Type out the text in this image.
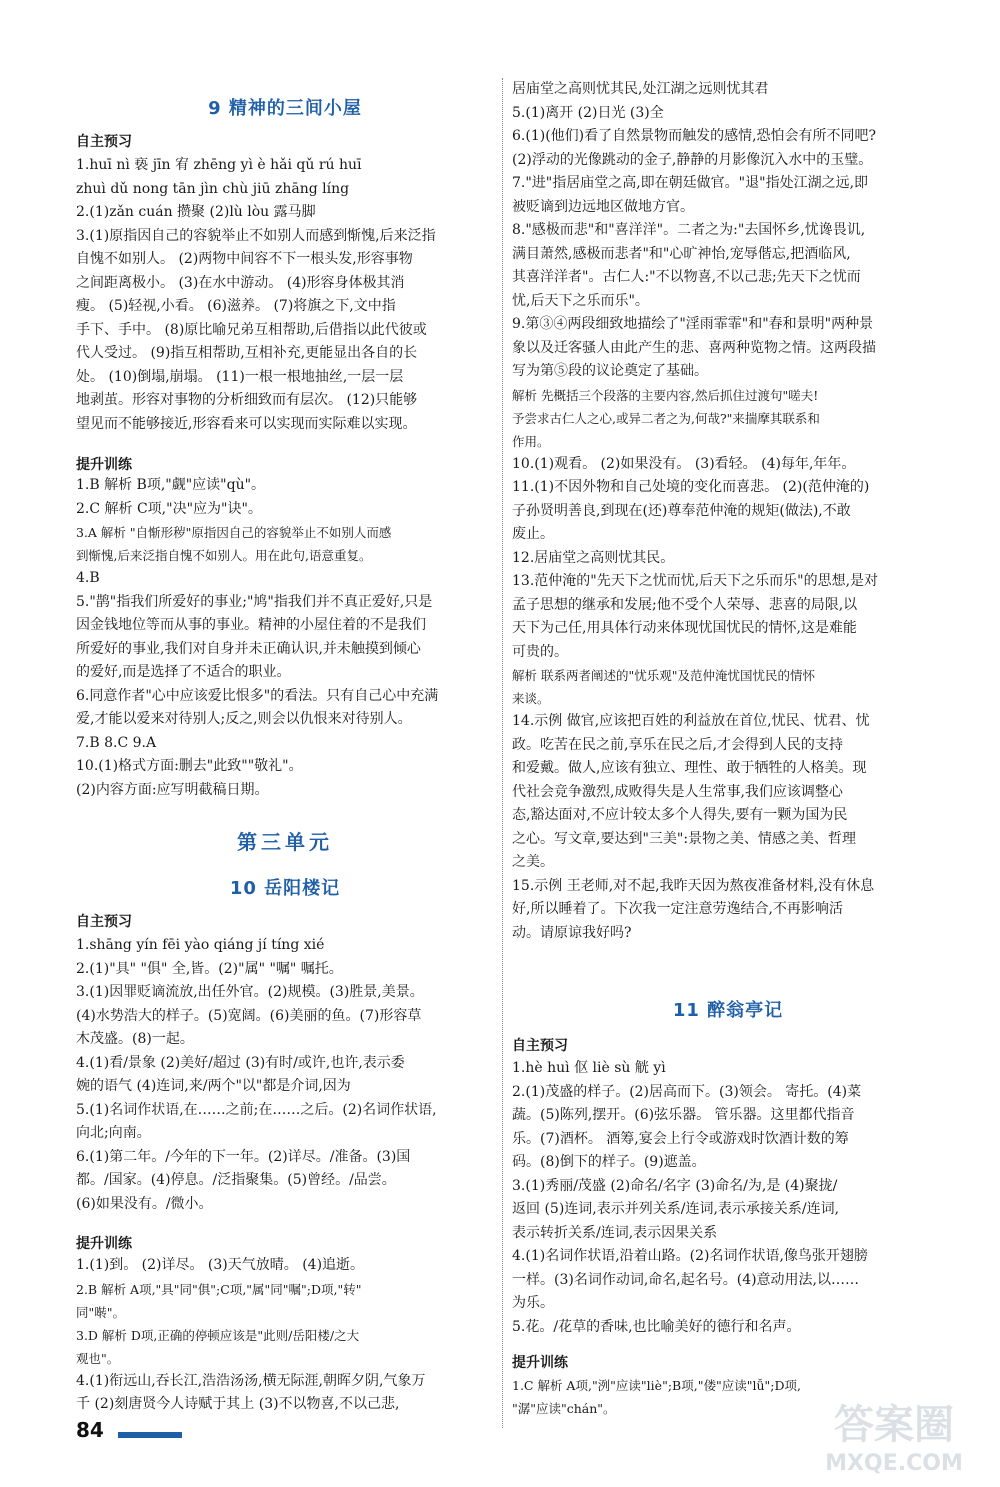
9 精神的三间小屋
自主预习
1.huī nì 亵 jīn 宥 zhēng yì è hǎi qǔ rú huī
zhuì dǔ nong tān jìn chù jiū zhāng líng
2.(1)zǎn cuán 攒聚 (2)lù lòu 露马脚
3.(1)原指因自己的容貌举止不如别人而感到惭愧,后来泛指
自愧不如别人。 (2)两物中间容不下一根头发,形容事物
之间距离极小。 (3)在水中游动。 (4)形容身体极其消
瘦。 (5)轻视,小看。 (6)滋养。 (7)将旗之下,文中指
手下、手中。 (8)原比喻兄弟互相帮助,后借指以此代彼或
代人受过。 (9)指互相帮助,互相补充,更能显出各自的长
处。 (10)倒塌,崩塌。 (11)一根一根地抽丝,一层一层
地剥茧。形容对事物的分析细致而有层次。 (12)只能够
望见而不能够接近,形容看来可以实现而实际难以实现。
提升训练
1.B 解析 B项,"觑"应读"qù"。
2.C 解析 C项,"决"应为"诀"。
3.A 解析 "自惭形秽"原指因自己的容貌举止不如别人而感
到惭愧,后来泛指自愧不如别人。用在此句,语意重复。
4.B
5."鹊"指我们所爱好的事业;"鸠"指我们并不真正爱好,只是
因金钱地位等而从事的事业。精神的小屋住着的不是我们
所爱好的事业,我们对自身并未正确认识,并未触摸到倾心
的爱好,而是选择了不适合的职业。
6.同意作者"心中应该爱比恨多"的看法。只有自己心中充满
爱,才能以爱来对待别人;反之,则会以仇恨来对待别人。
7.B 8.C 9.A
10.(1)格式方面:删去"此致""敬礼"。
(2)内容方面:应写明截稿日期。
第三单元
10 岳阳楼记
自主预习
1.shāng yín fēi yào qiáng jí tíng xié
2.(1)"具" "俱" 全,皆。(2)"属" "嘱" 嘱托。
3.(1)因罪贬谪流放,出任外官。(2)规模。(3)胜景,美景。
(4)水势浩大的样子。(5)宽阔。(6)美丽的鱼。(7)形容草
木茂盛。(8)一起。
4.(1)看/景象 (2)美好/超过 (3)有时/或许,也许,表示委
婉的语气 (4)连词,来/两个"以"都是介词,因为
5.(1)名词作状语,在……之前;在……之后。(2)名词作状语,
向北;向南。
6.(1)第二年。/今年的下一年。(2)详尽。/准备。(3)国
都。/国家。(4)停息。/泛指聚集。(5)曾经。/品尝。
(6)如果没有。/微小。
提升训练
1.(1)到。 (2)详尽。 (3)天气放晴。 (4)追逝。
2.B 解析 A项,"具"同"俱";C项,"属"同"嘱";D项,"转"
同"啭"。
3.D 解析 D项,正确的停顿应该是"此则/岳阳楼/之大
观也"。
4.(1)衔远山,吞长江,浩浩汤汤,横无际涯,朝晖夕阴,气象万
千 (2)刻唐贤今人诗赋于其上 (3)不以物喜,不以己悲,
居庙堂之高则忧其民,处江湖之远则忧其君
5.(1)离开 (2)日光 (3)全
6.(1)(他们)看了自然景物而触发的感情,恐怕会有所不同吧?
(2)浮动的光像跳动的金子,静静的月影像沉入水中的玉璧。
7."进"指居庙堂之高,即在朝廷做官。"退"指处江湖之远,即
被贬谪到边远地区做地方官。
8."感极而悲"和"喜洋洋"。二者之为:"去国怀乡,忧谗畏讥,
满目萧然,感极而悲者"和"心旷神怡,宠辱偕忘,把酒临风,
其喜洋洋者"。古仁人:"不以物喜,不以己悲;先天下之忧而
忧,后天下之乐而乐"。
9.第③④两段细致地描绘了"淫雨霏霏"和"春和景明"两种景
象以及迁客骚人由此产生的悲、喜两种览物之情。这两段描
写为第⑤段的议论奠定了基础。
解析 先概括三个段落的主要内容,然后抓住过渡句"嗟夫!
予尝求古仁人之心,或异二者之为,何哉?"来揣摩其联系和
作用。
10.(1)观看。 (2)如果没有。 (3)看轻。 (4)每年,年年。
11.(1)不因外物和自己处境的变化而喜悲。 (2)(范仲淹的)
子孙贤明善良,到现在(还)尊奉范仲淹的规矩(做法),不敢
废止。
12.居庙堂之高则忧其民。
13.范仲淹的"先天下之忧而忧,后天下之乐而乐"的思想,是对
孟子思想的继承和发展;他不受个人荣辱、悲喜的局限,以
天下为己任,用具体行动来体现忧国忧民的情怀,这是难能
可贵的。
解析 联系两者阐述的"忧乐观"及范仲淹忧国忧民的情怀
来谈。
14.示例 做官,应该把百姓的利益放在首位,忧民、忧君、忧
政。吃苦在民之前,享乐在民之后,才会得到人民的支持
和爱戴。做人,应该有独立、理性、敢于牺牲的人格美。现
代社会竞争激烈,成败得失是人生常事,我们应该调整心
态,豁达面对,不应计较太多个人得失,要有一颗为国为民
之心。写文章,要达到"三美":景物之美、情感之美、哲理
之美。
15.示例 王老师,对不起,我昨天因为熬夜准备材料,没有休息
好,所以睡着了。下次我一定注意劳逸结合,不再影响活
动。请原谅我好吗?
11 醉翁亭记
自主预习
1.hè huì 伛 liè sù 觥 yì
2.(1)茂盛的样子。(2)居高而下。(3)领会。 寄托。(4)菜
蔬。(5)陈列,摆开。(6)弦乐器。 管乐器。这里都代指音
乐。(7)酒杯。 酒筹,宴会上行令或游戏时饮酒计数的筹
码。(8)倒下的样子。(9)遮盖。
3.(1)秀丽/茂盛 (2)命名/名字 (3)命名/为,是 (4)聚拢/
返回 (5)连词,表示并列关系/连词,表示承接关系/连词,
表示转折关系/连词,表示因果关系
4.(1)名词作状语,沿着山路。(2)名词作状语,像鸟张开翅膀
一样。(3)名词作动词,命名,起名号。(4)意动用法,以……
为乐。
5.花。/花草的香味,也比喻美好的德行和名声。
提升训练
1.C 解析 A项,"洌"应读"liè";B项,"偻"应读"lǚ";D项,
"潺"应读"chán"。
84	答案圈
MXQE.COM
